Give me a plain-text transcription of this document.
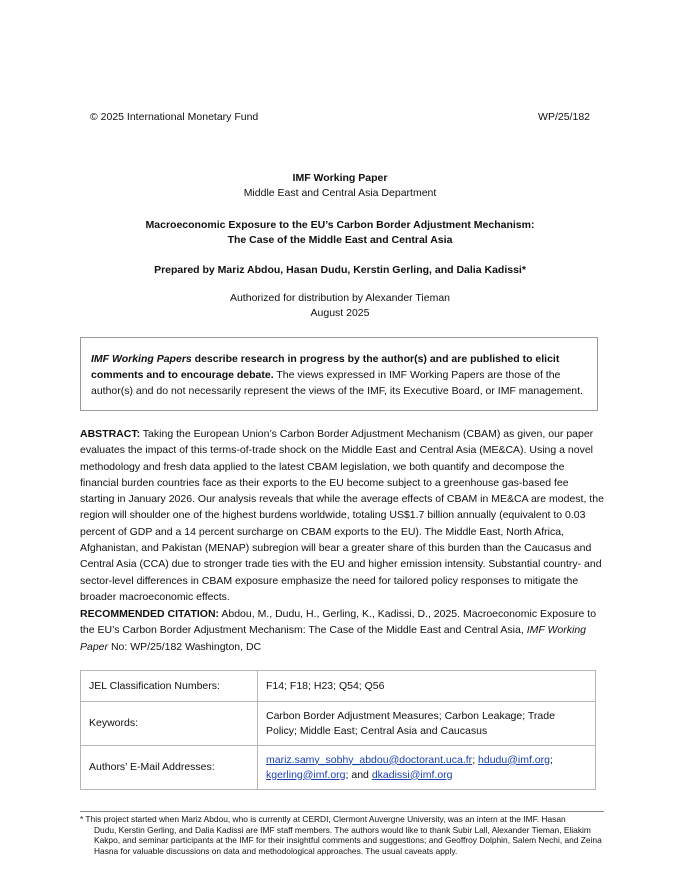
© 2025 International Monetary Fund	WP/25/182
IMF Working Paper
Middle East and Central Asia Department
Macroeconomic Exposure to the EU’s Carbon Border Adjustment Mechanism:
The Case of the Middle East and Central Asia
Prepared by Mariz Abdou, Hasan Dudu, Kerstin Gerling, and Dalia Kadissi*
Authorized for distribution by Alexander Tieman
August 2025
IMF Working Papers describe research in progress by the author(s) and are published to elicit comments and to encourage debate. The views expressed in IMF Working Papers are those of the author(s) and do not necessarily represent the views of the IMF, its Executive Board, or IMF management.
ABSTRACT: Taking the European Union’s Carbon Border Adjustment Mechanism (CBAM) as given, our paper evaluates the impact of this terms-of-trade shock on the Middle East and Central Asia (ME&CA). Using a novel methodology and fresh data applied to the latest CBAM legislation, we both quantify and decompose the financial burden countries face as their exports to the EU become subject to a greenhouse gas-based fee starting in January 2026. Our analysis reveals that while the average effects of CBAM in ME&CA are modest, the region will shoulder one of the highest burdens worldwide, totaling US$1.7 billion annually (equivalent to 0.03 percent of GDP and a 14 percent surcharge on CBAM exports to the EU). The Middle East, North Africa, Afghanistan, and Pakistan (MENAP) subregion will bear a greater share of this burden than the Caucasus and Central Asia (CCA) due to stronger trade ties with the EU and higher emission intensity. Substantial country- and sector-level differences in CBAM exposure emphasize the need for tailored policy responses to mitigate the broader macroeconomic effects.
RECOMMENDED CITATION: Abdou, M., Dudu, H., Gerling, K., Kadissi, D., 2025. Macroeconomic Exposure to the EU’s Carbon Border Adjustment Mechanism: The Case of the Middle East and Central Asia, IMF Working Paper No: WP/25/182 Washington, DC
JEL Classification Numbers:	F14; F18; H23; Q54; Q56
Keywords:	Carbon Border Adjustment Measures; Carbon Leakage; Trade Policy; Middle East; Central Asia and Caucasus
Authors’ E-Mail Addresses:	mariz.samy_sobhy_abdou@doctorant.uca.fr; hdudu@imf.org;
kgerling@imf.org; and dkadissi@imf.org
* This project started when Mariz Abdou, who is currently at CERDI, Clermont Auvergne University, was an intern at the IMF. Hasan
Dudu, Kerstin Gerling, and Dalia Kadissi are IMF staff members. The authors would like to thank Subir Lall, Alexander Tieman, Eliakim Kakpo, and seminar participants at the IMF for their insightful comments and suggestions; and Geoffroy Dolphin, Salem Nechi, and Zeina Hasna for valuable discussions on data and methodological approaches. The usual caveats apply.
